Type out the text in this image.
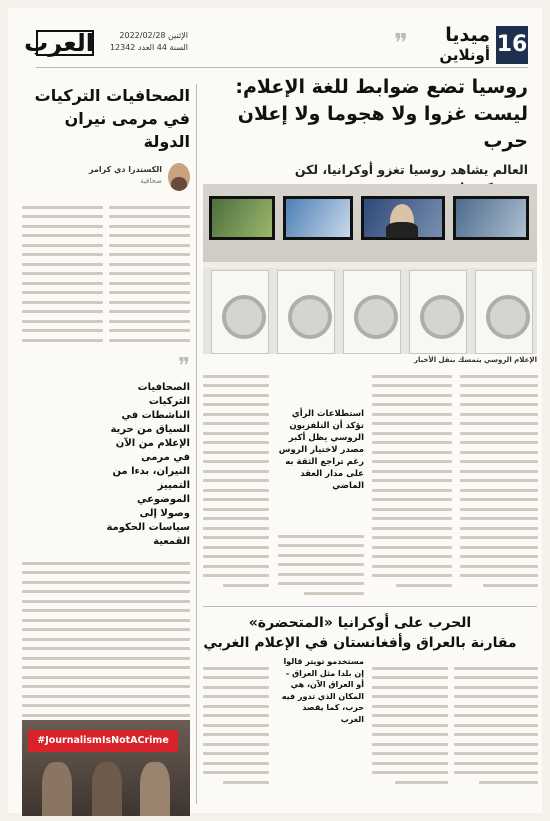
16
ميديا
أونلاين
❞
العرب	الإثنين 2022/02/28
السنة 44 العدد 12342
روسيا تضع ضوابط للغة الإعلام: ليست غزوا ولا هجوما ولا إعلان حرب
العالم يشاهد روسيا تغزو أوكرانيا، لكن
الصحافيات التركيات في مرمى نيران الدولة
الكسندرا دي كرامر
صحافية
❞
الصحافيات التركيات الناشطات في السياق من حرية الإعلام من الآن في مرمى النيران، بدءا من التمييز الموضوعي وصولا إلى سياسات الحكومة القمعية
الإعلام الروسي يتمسك بنقل الأخبار
استطلاعات الرأي تؤكد أن التلفزيون الروسي يظل أكبر مصدر لاختيار الروس رغم تراجع الثقة به على مدار العقد الماضي
الحرب على أوكرانيا «المتحضرة»
مقارنة بالعراق وأفغانستان في الإعلام الغربي
مستخدمو تويتر قالوا إن بلدا مثل العراق - أو العراق الآن، هي المكان الذي تدور فيه حرب، كما يقصد الغرب
#JournalismIsNotACrime
